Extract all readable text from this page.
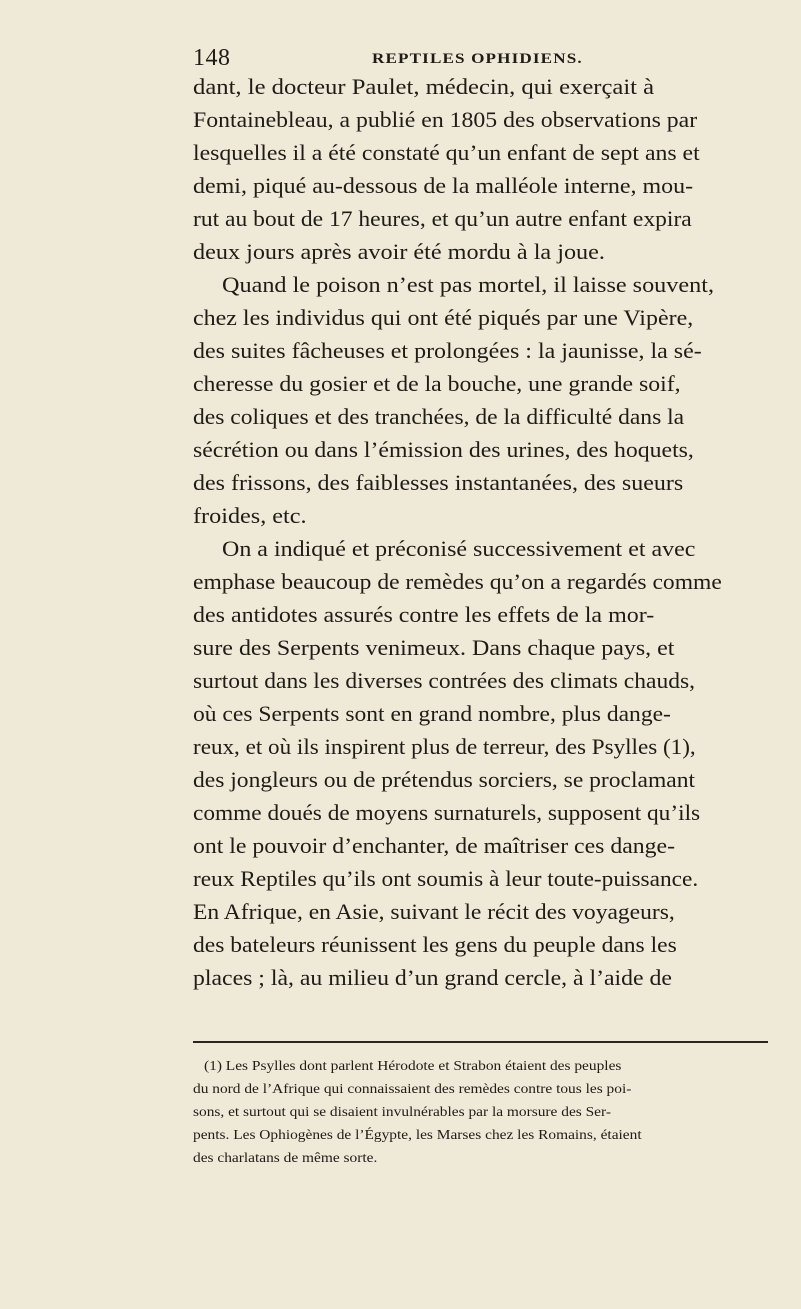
148	REPTILES OPHIDIENS.
dant, le docteur Paulet, médecin, qui exerçait à
Fontainebleau, a publié en 1805 des observations par
lesquelles il a été constaté qu’un enfant de sept ans et
demi, piqué au-dessous de la malléole interne, mou-
rut au bout de 17 heures, et qu’un autre enfant expira
deux jours après avoir été mordu à la joue.
Quand le poison n’est pas mortel, il laisse souvent,
chez les individus qui ont été piqués par une Vipère,
des suites fâcheuses et prolongées : la jaunisse, la sé-
cheresse du gosier et de la bouche, une grande soif,
des coliques et des tranchées, de la difficulté dans la
sécrétion ou dans l’émission des urines, des hoquets,
des frissons, des faiblesses instantanées, des sueurs
froides, etc.
On a indiqué et préconisé successivement et avec
emphase beaucoup de remèdes qu’on a regardés comme
des antidotes assurés contre les effets de la mor-
sure des Serpents venimeux. Dans chaque pays, et
surtout dans les diverses contrées des climats chauds,
où ces Serpents sont en grand nombre, plus dange-
reux, et où ils inspirent plus de terreur, des Psylles (1),
des jongleurs ou de prétendus sorciers, se proclamant
comme doués de moyens surnaturels, supposent qu’ils
ont le pouvoir d’enchanter, de maîtriser ces dange-
reux Reptiles qu’ils ont soumis à leur toute-puissance.
En Afrique, en Asie, suivant le récit des voyageurs,
des bateleurs réunissent les gens du peuple dans les
places ; là, au milieu d’un grand cercle, à l’aide de
(1) Les Psylles dont parlent Hérodote et Strabon étaient des peuples
du nord de l’Afrique qui connaissaient des remèdes contre tous les poi-
sons, et surtout qui se disaient invulnérables par la morsure des Ser-
pents. Les Ophiogènes de l’Égypte, les Marses chez les Romains, étaient
des charlatans de même sorte.
